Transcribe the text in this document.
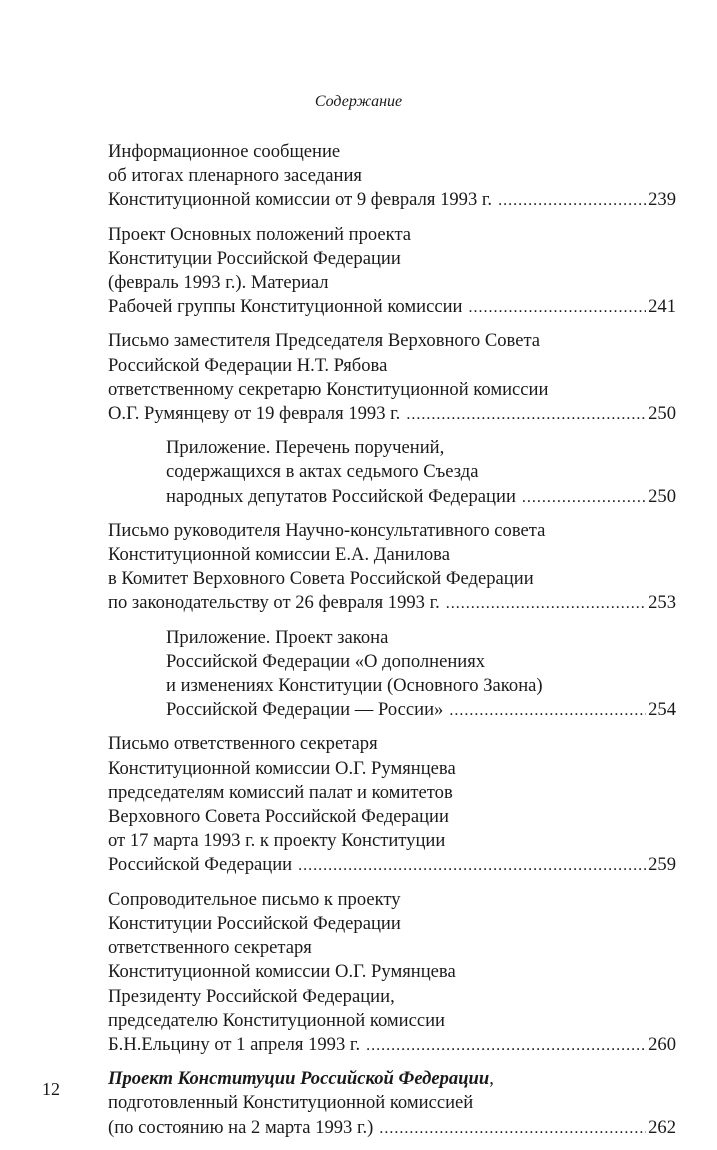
Содержание
Информационное сообщение
об итогах пленарного заседания
Конституционной комиссии от 9 февраля 1993 г. .....	239
Проект Основных положений проекта
Конституции Российской Федерации
(февраль 1993 г.). Материал
Рабочей группы Конституционной комиссии .....	241
Письмо заместителя Председателя Верховного Совета
Российской Федерации Н.Т. Рябова
ответственному секретарю Конституционной комиссии
О.Г. Румянцеву от 19 февраля 1993 г. .....	250
Приложение. Перечень поручений,
содержащихся в актах седьмого Съезда
народных депутатов Российской Федерации .....	250
Письмо руководителя Научно-консультативного совета
Конституционной комиссии Е.А. Данилова
в Комитет Верховного Совета Российской Федерации
по законодательству от 26 февраля 1993 г. .....	253
Приложение. Проект закона
Российской Федерации «О дополнениях
и изменениях Конституции (Основного Закона)
Российской Федерации — России» .....	254
Письмо ответственного секретаря
Конституционной комиссии О.Г. Румянцева
председателям комиссий палат и комитетов
Верховного Совета Российской Федерации
от 17 марта 1993 г. к проекту Конституции
Российской Федерации .....	259
Сопроводительное письмо к проекту
Конституции Российской Федерации
ответственного секретаря
Конституционной комиссии О.Г. Румянцева
Президенту Российской Федерации,
председателю Конституционной комиссии
Б.Н.Ельцину от 1 апреля 1993 г. .....	260
Проект Конституции Российской Федерации,
подготовленный Конституционной комиссией
(по состоянию на 2 марта 1993 г.) .....	262
12
